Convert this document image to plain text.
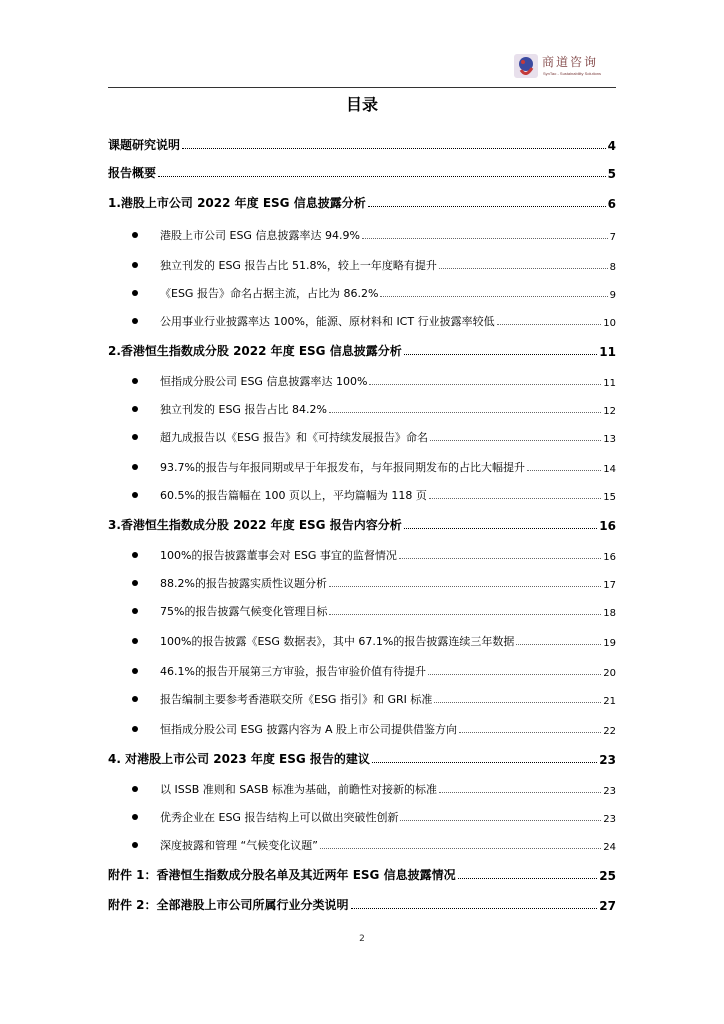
商道咨询
SynTao - Sustainability Solutions
目录
课题研究说明	4
报告概要	5
1.港股上市公司 2022 年度 ESG 信息披露分析	6
港股上市公司 ESG 信息披露率达 94.9%	7
独立刊发的 ESG 报告占比 51.8%，较上一年度略有提升	8
《ESG 报告》命名占据主流，占比为 86.2%	9
公用事业行业披露率达 100%，能源、原材料和 ICT 行业披露率较低	10
2.香港恒生指数成分股 2022 年度 ESG 信息披露分析	11
恒指成分股公司 ESG 信息披露率达 100%	11
独立刊发的 ESG 报告占比 84.2%	12
超九成报告以《ESG 报告》和《可持续发展报告》命名	13
93.7%的报告与年报同期或早于年报发布，与年报同期发布的占比大幅提升	14
60.5%的报告篇幅在 100 页以上，平均篇幅为 118 页	15
3.香港恒生指数成分股 2022 年度 ESG 报告内容分析	16
100%的报告披露董事会对 ESG 事宜的监督情况	16
88.2%的报告披露实质性议题分析	17
75%的报告披露气候变化管理目标	18
100%的报告披露《ESG 数据表》，其中 67.1%的报告披露连续三年数据	19
46.1%的报告开展第三方审验，报告审验价值有待提升	20
报告编制主要参考香港联交所《ESG 指引》和 GRI 标准	21
恒指成分股公司 ESG 披露内容为 A 股上市公司提供借鉴方向	22
4. 对港股上市公司 2023 年度 ESG 报告的建议	23
以 ISSB 准则和 SASB 标准为基础，前瞻性对接新的标准	23
优秀企业在 ESG 报告结构上可以做出突破性创新	23
深度披露和管理 “气候变化议题”	24
附件 1：香港恒生指数成分股名单及其近两年 ESG 信息披露情况	25
附件 2：全部港股上市公司所属行业分类说明	27
2
